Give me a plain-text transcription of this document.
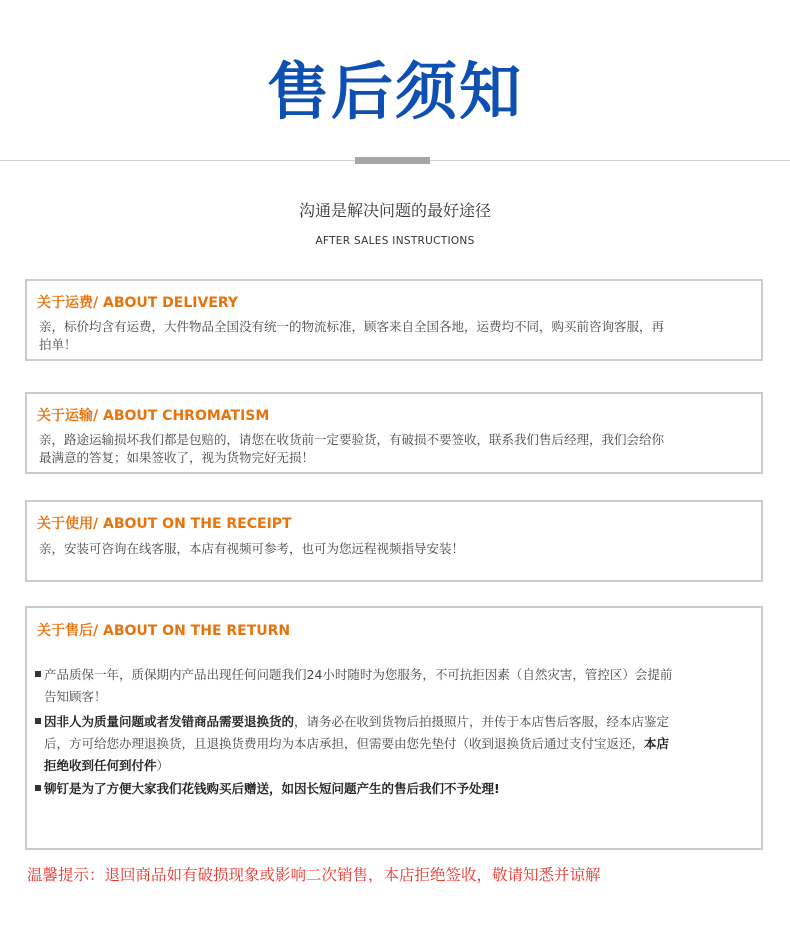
售后须知
沟通是解决问题的最好途径
AFTER SALES INSTRUCTIONS
关于运费/ ABOUT DELIVERY
亲，标价均含有运费，大件物品全国没有统一的物流标准，顾客来自全国各地，运费均不同，购买前咨询客服，再
拍单！
关于运输/ ABOUT CHROMATISM
亲，路途运输损坏我们都是包赔的，请您在收货前一定要验货，有破损不要签收，联系我们售后经理，我们会给你
最满意的答复；如果签收了，视为货物完好无损！
关于使用/ ABOUT ON THE RECEIPT
亲，安装可咨询在线客服，本店有视频可参考，也可为您远程视频指导安装！
关于售后/ ABOUT ON THE RETURN
产品质保一年，质保期内产品出现任何问题我们24小时随时为您服务，不可抗拒因素（自然灾害，管控区）会提前
告知顾客！
因非人为质量问题或者发错商品需要退换货的，请务必在收到货物后拍摄照片，并传于本店售后客服，经本店鉴定
后，方可给您办理退换货，且退换货费用均为本店承担，但需要由您先垫付（收到退换货后通过支付宝返还，本店
拒绝收到任何到付件）
铆钉是为了方便大家我们花钱购买后赠送，如因长短问题产生的售后我们不予处理!
温馨提示：退回商品如有破损现象或影响二次销售，本店拒绝签收，敬请知悉并谅解
